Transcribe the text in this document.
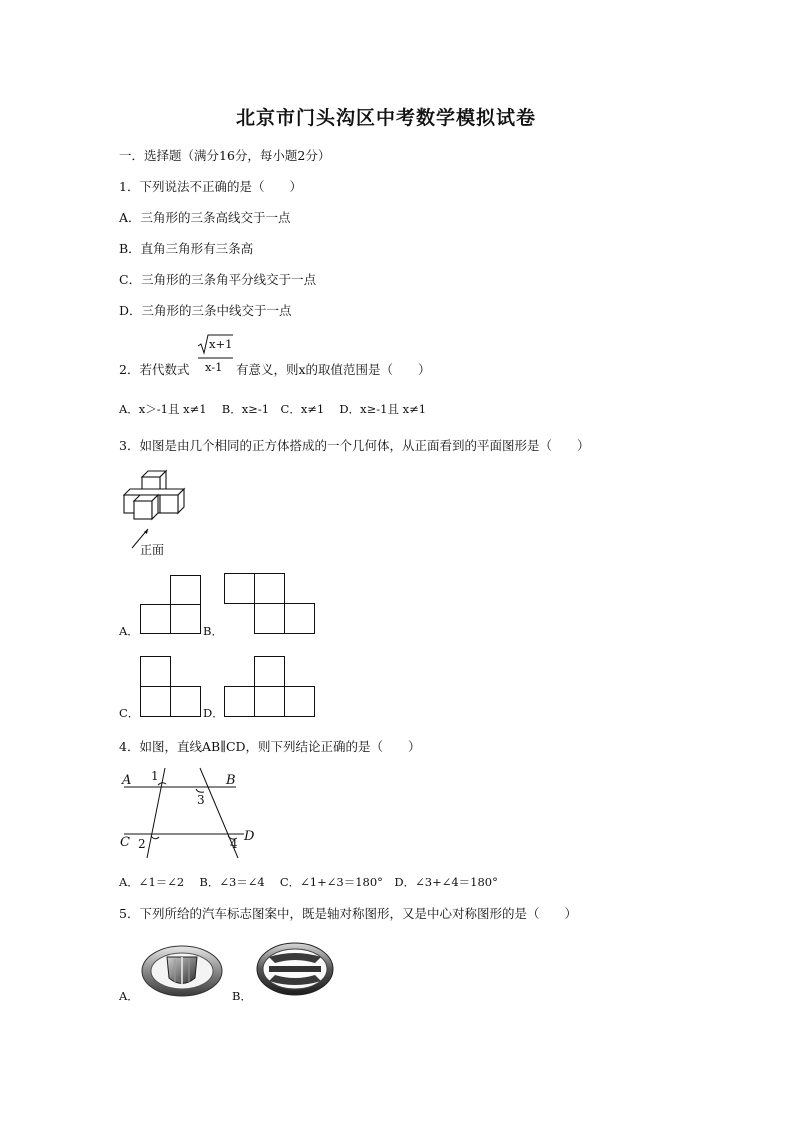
北京市门头沟区中考数学模拟试卷
一．选择题（满分16分，每小题2分）
1．下列说法不正确的是（　　）
A．三角形的三条高线交于一点
B．直角三角形有三条高
C．三角形的三条角平分线交于一点
D．三角形的三条中线交于一点
2．若代数式
x+1
x-1 有意义，则x的取值范围是（　　）
A．x＞-1且 x≠1　 B．x≥-1　C．x≠1　 D．x≥-1且 x≠1
3．如图是由几个相同的正方体搭成的一个几何体，从正面看到的平面图形是（　　）
正面
A．	B．
C．	D．
4．如图，直线AB∥CD，则下列结论正确的是（　　）
A	B
C	D
1
2
3
4
A．∠1＝∠2　 B．∠3＝∠4　 C．∠1+∠3＝180°　D．∠3+∠4＝180°
5．下列所给的汽车标志图案中，既是轴对称图形，又是中心对称图形的是（　　）
A．	B．
